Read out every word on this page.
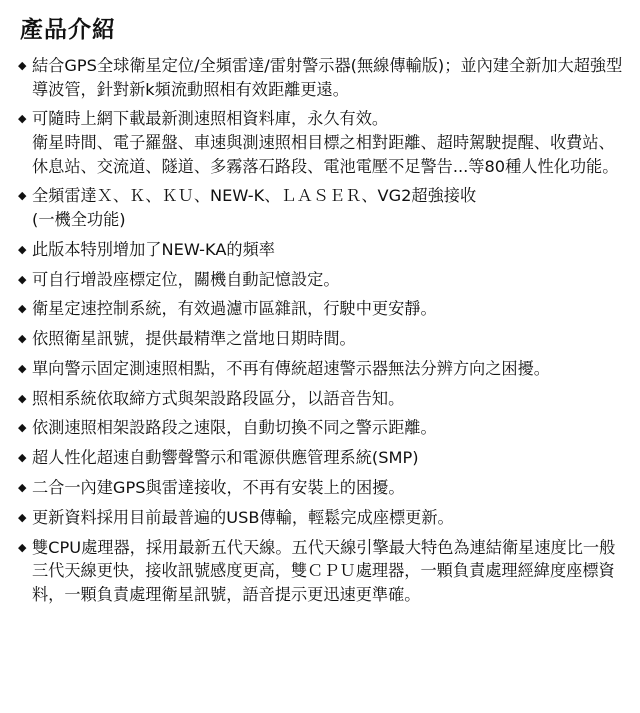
產品介紹
◆ 結合GPS全球衛星定位/全頻雷達/雷射警示器(無線傳輸版)；並內建全新加大超強型導波管，針對新k頻流動照相有效距離更遠。

◆ 可隨時上網下載最新測速照相資料庫，永久有效。

衛星時間、電子羅盤、車速與測速照相目標之相對距離、超時駕駛提醒、收費站、休息站、交流道、隧道、多霧落石路段、電池電壓不足警告...等80種人性化功能。

◆ 全頻雷達Ｘ、Ｋ、ＫＵ、NEW-K、ＬＡＳＥＲ、VG2超強接收

(一機全功能)

◆ 此版本特別增加了NEW-KA的頻率

◆ 可自行增設座標定位，關機自動記憶設定。

◆ 衛星定速控制系統，有效過濾市區雜訊，行駛中更安靜。

◆ 依照衛星訊號，提供最精準之當地日期時間。

◆ 單向警示固定測速照相點，不再有傳統超速警示器無法分辨方向之困擾。

◆ 照相系統依取締方式與架設路段區分，以語音告知。

◆ 依測速照相架設路段之速限，自動切換不同之警示距離。

◆ 超人性化超速自動響聲警示和電源供應管理系統(SMP)

◆ 二合一內建GPS與雷達接收，不再有安裝上的困擾。

◆ 更新資料採用目前最普遍的USB傳輸，輕鬆完成座標更新。

◆ 雙CPU處理器，採用最新五代天線。五代天線引擎最大特色為連結衛星速度比一般三代天線更快，接收訊號感度更高，雙ＣＰＵ處理器，一顆負責處理經緯度座標資料，一顆負責處理衛星訊號，語音提示更迅速更準確。
